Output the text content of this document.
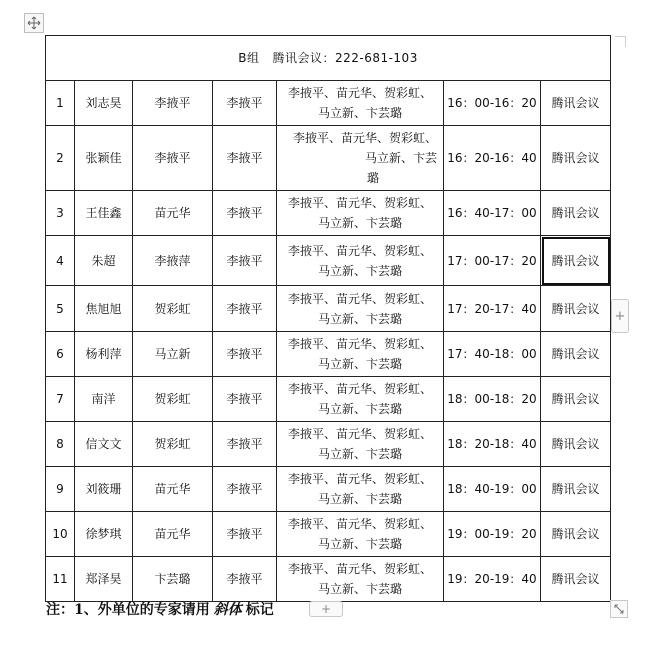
B组 腾讯会议：222-681-103						
1	刘志昊	李掖平	李掖平	李掖平、苗元华、贺彩虹、
马立新、卞芸璐	16：00-16：20	腾讯会议
2	张颖佳	李掖平	李掖平	李掖平、苗元华、贺彩虹、
马立新、卞芸
璐	16：20-16：40	腾讯会议
3	王佳鑫	苗元华	李掖平	李掖平、苗元华、贺彩虹、
马立新、卞芸璐	16：40-17：00	腾讯会议
4	朱超	李掖萍	李掖平	李掖平、苗元华、贺彩虹、
马立新、卞芸璐	17：00-17：20	腾讯会议
5	焦旭旭	贺彩虹	李掖平	李掖平、苗元华、贺彩虹、
马立新、卞芸璐	17：20-17：40	腾讯会议
6	杨利萍	马立新	李掖平	李掖平、苗元华、贺彩虹、
马立新、卞芸璐	17：40-18：00	腾讯会议
7	南洋	贺彩虹	李掖平	李掖平、苗元华、贺彩虹、
马立新、卞芸璐	18：00-18：20	腾讯会议
8	信文文	贺彩虹	李掖平	李掖平、苗元华、贺彩虹、
马立新、卞芸璐	18：20-18：40	腾讯会议
9	刘筱珊	苗元华	李掖平	李掖平、苗元华、贺彩虹、
马立新、卞芸璐	18：40-19：00	腾讯会议
10	徐梦琪	苗元华	李掖平	李掖平、苗元华、贺彩虹、
马立新、卞芸璐	19：00-19：20	腾讯会议
11	郑泽昊	卞芸璐	李掖平	李掖平、苗元华、贺彩虹、
马立新、卞芸璐	19：20-19：40	腾讯会议
+
注：1、外单位的专家请用 斜体 标记	+
